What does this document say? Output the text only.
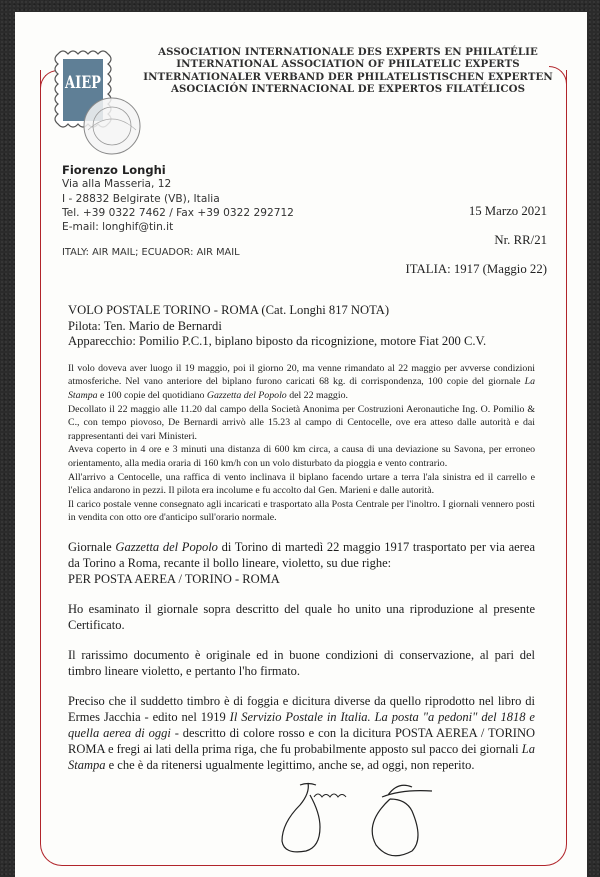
AIEP
ASSOCIATION INTERNATIONALE DES EXPERTS EN PHILATÉLIE
INTERNATIONAL ASSOCIATION OF PHILATELIC EXPERTS
INTERNATIONALER VERBAND DER PHILATELISTISCHEN EXPERTEN
ASOCIACIÓN INTERNACIONAL DE EXPERTOS FILATÉLICOS
Fiorenzo Longhi
Via alla Masseria, 12
I - 28832 Belgirate (VB), Italia
Tel. +39 0322 7462 / Fax +39 0322 292712
E-mail: longhif@tin.it
ITALY: AIR MAIL; ECUADOR: AIR MAIL
15 Marzo 2021
Nr. RR/21
ITALIA: 1917 (Maggio 22)
VOLO POSTALE TORINO - ROMA (Cat. Longhi 817 NOTA)
Pilota: Ten. Mario de Bernardi
Apparecchio: Pomilio P.C.1, biplano biposto da ricognizione, motore Fiat 200 C.V.

Il volo doveva aver luogo il 19 maggio, poi il giorno 20, ma venne rimandato al 22 maggio per avverse condizioni atmosferiche. Nel vano anteriore del biplano furono caricati 68 kg. di corrispondenza, 100 copie del giornale La Stampa e 100 copie del quotidiano Gazzetta del Popolo del 22 maggio.

Decollato il 22 maggio alle 11.20 dal campo della Società Anonima per Costruzioni Aeronautiche Ing. O. Pomilio & C., con tempo piovoso, De Bernardi arrivò alle 15.23 al campo di Centocelle, ove era atteso dalle autorità e dai rappresentanti dei vari Ministeri.

Aveva coperto in 4 ore e 3 minuti una distanza di 600 km circa, a causa di una deviazione su Savona, per erroneo orientamento, alla media oraria di 160 km/h con un volo disturbato da pioggia e vento contrario.

All'arrivo a Centocelle, una raffica di vento inclinava il biplano facendo urtare a terra l'ala sinistra ed il carrello e l'elica andarono in pezzi. Il pilota era incolume e fu accolto dal Gen. Marieni e dalle autorità.

Il carico postale venne consegnato agli incaricati e trasportato alla Posta Centrale per l'inoltro. I giornali vennero posti in vendita con otto ore d'anticipo sull'orario normale.

Giornale Gazzetta del Popolo di Torino di martedì 22 maggio 1917 trasportato per via aerea da Torino a Roma, recante il bollo lineare, violetto, su due righe:

PER POSTA AEREA / TORINO - ROMA

Ho esaminato il giornale sopra descritto del quale ho unito una riproduzione al presente Certificato.

Il rarissimo documento è originale ed in buone condizioni di conservazione, al pari del timbro lineare violetto, e pertanto l'ho firmato.

Preciso che il suddetto timbro è di foggia e dicitura diverse da quello riprodotto nel libro di Ermes Jacchia - edito nel 1919 Il Servizio Postale in Italia. La posta "a pedoni" del 1818 e quella aerea di oggi - descritto di colore rosso e con la dicitura POSTA AEREA / TORINO ROMA e fregi ai lati della prima riga, che fu probabilmente apposto sul pacco dei giornali La Stampa e che è da ritenersi ugualmente legittimo, anche se, ad oggi, non reperito.
